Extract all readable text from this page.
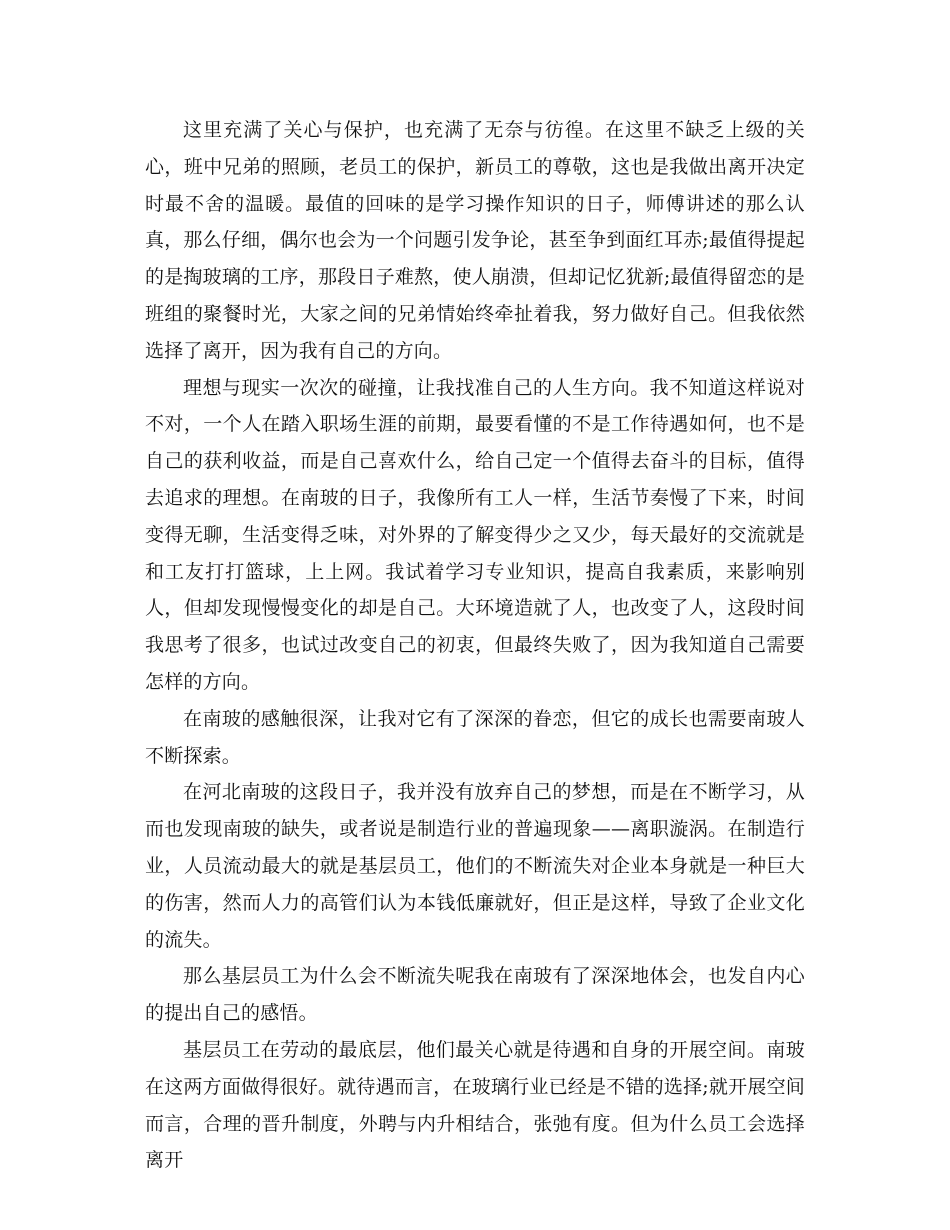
这里充满了关心与保护，也充满了无奈与彷徨。在这里不缺乏上级的关心，班中兄弟的照顾，老员工的保护，新员工的尊敬，这也是我做出离开决定时最不舍的温暖。最值的回味的是学习操作知识的日子，师傅讲述的那么认真，那么仔细，偶尔也会为一个问题引发争论，甚至争到面红耳赤;最值得提起的是掏玻璃的工序，那段日子难熬，使人崩溃，但却记忆犹新;最值得留恋的是班组的聚餐时光，大家之间的兄弟情始终牵扯着我，努力做好自己。但我依然选择了离开，因为我有自己的方向。

理想与现实一次次的碰撞，让我找准自己的人生方向。我不知道这样说对不对，一个人在踏入职场生涯的前期，最要看懂的不是工作待遇如何，也不是自己的获利收益，而是自己喜欢什么，给自己定一个值得去奋斗的目标，值得去追求的理想。在南玻的日子，我像所有工人一样，生活节奏慢了下来，时间变得无聊，生活变得乏味，对外界的了解变得少之又少，每天最好的交流就是和工友打打篮球，上上网。我试着学习专业知识，提高自我素质，来影响别人，但却发现慢慢变化的却是自己。大环境造就了人，也改变了人，这段时间我思考了很多，也试过改变自己的初衷，但最终失败了，因为我知道自己需要怎样的方向。

在南玻的感触很深，让我对它有了深深的眷恋，但它的成长也需要南玻人不断探索。

在河北南玻的这段日子，我并没有放弃自己的梦想，而是在不断学习，从而也发现南玻的缺失，或者说是制造行业的普遍现象——离职漩涡。在制造行业，人员流动最大的就是基层员工，他们的不断流失对企业本身就是一种巨大的伤害，然而人力的高管们认为本钱低廉就好，但正是这样，导致了企业文化的流失。

那么基层员工为什么会不断流失呢我在南玻有了深深地体会，也发自内心的提出自己的感悟。

基层员工在劳动的最底层，他们最关心就是待遇和自身的开展空间。南玻在这两方面做得很好。就待遇而言，在玻璃行业已经是不错的选择;就开展空间而言，合理的晋升制度，外聘与内升相结合，张弛有度。但为什么员工会选择离开
